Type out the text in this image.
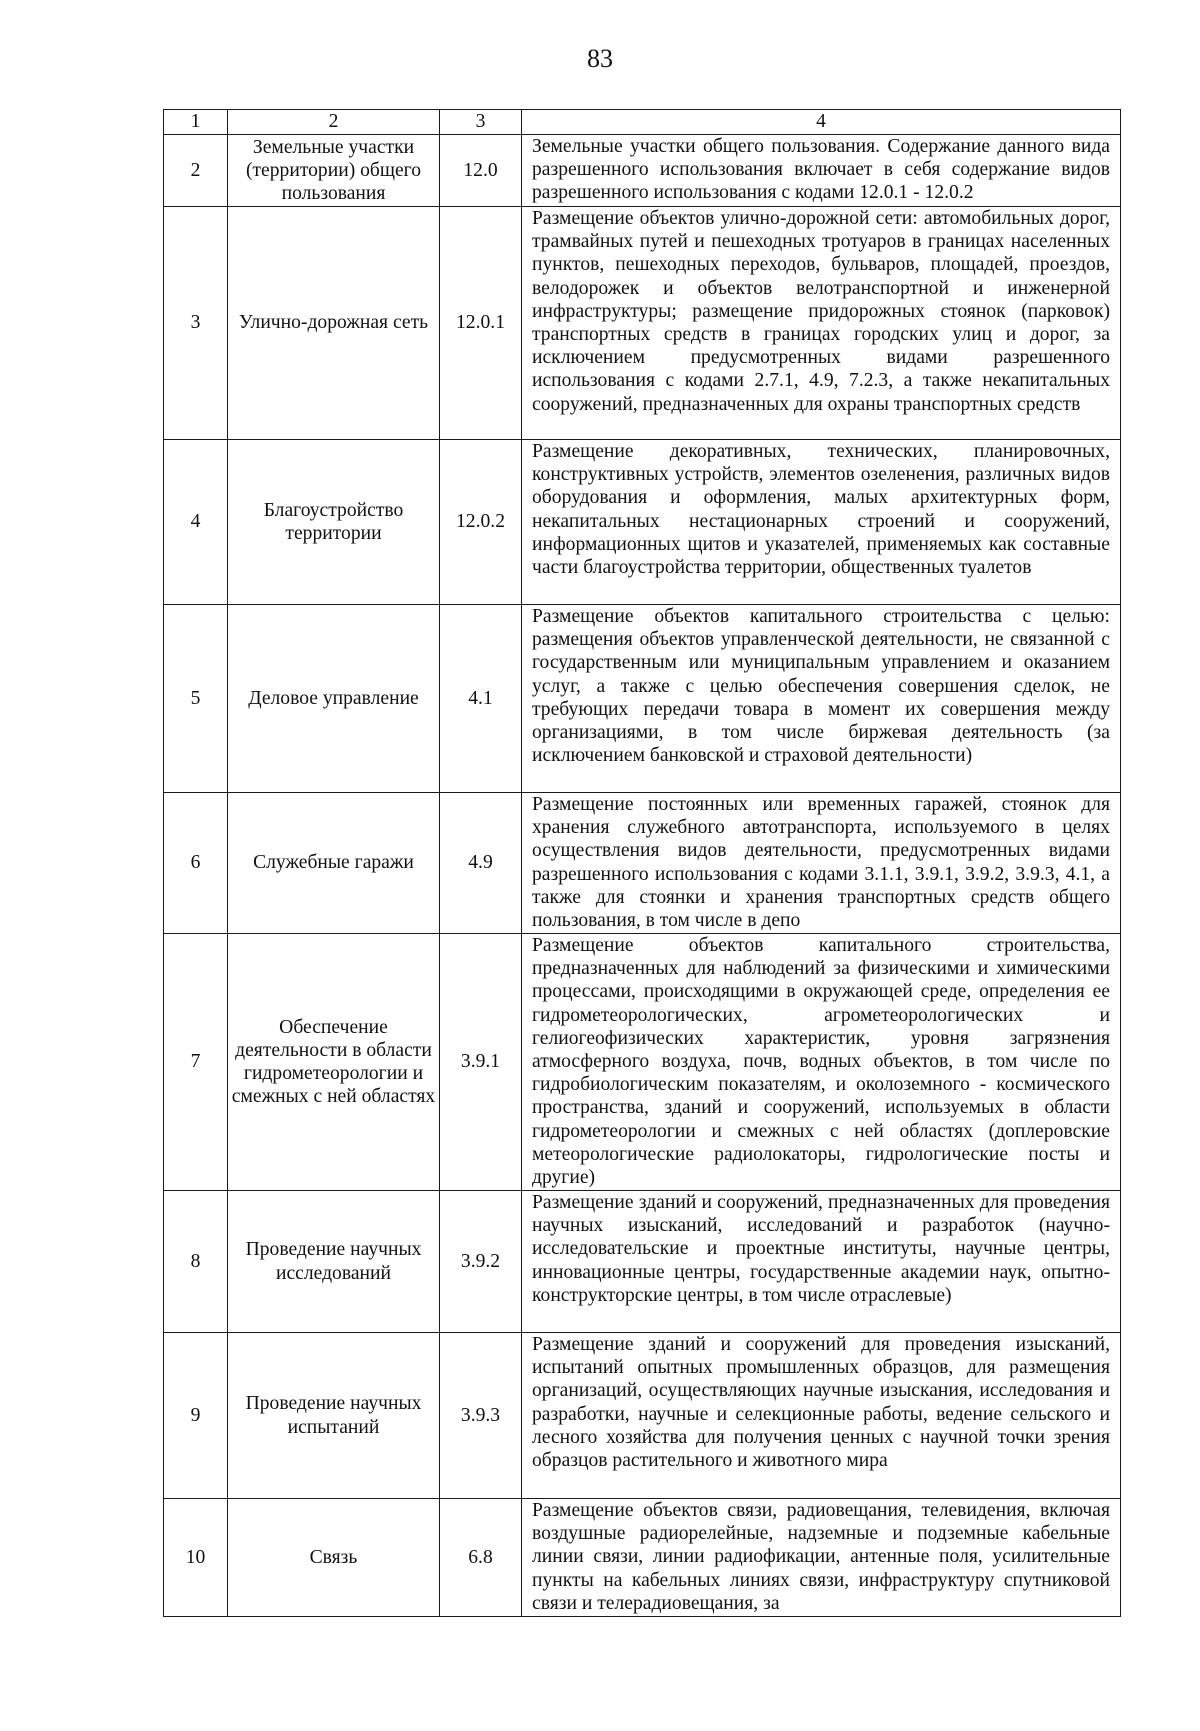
83
1	2	3	4
2	Земельные участки (территории) общего пользования	12.0	Земельные участки общего пользования. Содержание данного вида разрешенного использования включает в себя содержание видов разрешенного использования с кодами 12.0.1 - 12.0.2
3	Улично-дорожная сеть	12.0.1	Размещение объектов улично-дорожной сети: автомобильных дорог, трамвайных путей и пешеходных тротуаров в границах населенных пунктов, пешеходных переходов, бульваров, площадей, проездов, велодорожек и объектов велотранспортной и инженерной инфраструктуры; размещение придорожных стоянок (парковок) транспортных средств в границах городских улиц и дорог, за исключением предусмотренных видами разрешенного использования с кодами 2.7.1, 4.9, 7.2.3, а также некапитальных сооружений, предназначенных для охраны транспортных средств
4	Благоустройство территории	12.0.2	Размещение декоративных, технических, планировочных, конструктивных устройств, элементов озеленения, различных видов оборудования и оформления, малых архитектурных форм, некапитальных нестационарных строений и сооружений, информационных щитов и указателей, применяемых как составные части благоустройства территории, общественных туалетов
5	Деловое управление	4.1	Размещение объектов капитального строительства с целью: размещения объектов управленческой деятельности, не связанной с государственным или муниципальным управлением и оказанием услуг, а также с целью обеспечения совершения сделок, не требующих передачи товара в момент их совершения между организациями, в том числе биржевая деятельность (за исключением банковской и страховой деятельности)
6	Служебные гаражи	4.9	Размещение постоянных или временных гаражей, стоянок для хранения служебного автотранспорта, используемого в целях осуществления видов деятельности, предусмотренных видами разрешенного использования с кодами 3.1.1, 3.9.1, 3.9.2, 3.9.3, 4.1, а также для стоянки и хранения транспортных средств общего пользования, в том числе в депо
7	Обеспечение деятельности в области гидрометеорологии и смежных с ней областях	3.9.1	Размещение объектов капитального строительства, предназначенных для наблюдений за физическими и химическими процессами, происходящими в окружающей среде, определения ее гидрометеорологических, агрометеорологических и гелиогеофизических характеристик, уровня загрязнения атмосферного воздуха, почв, водных объектов, в том числе по гидробиологическим показателям, и околоземного - космического пространства, зданий и сооружений, используемых в области гидрометеорологии и смежных с ней областях (доплеровские метеорологические радиолокаторы, гидрологические посты и другие)
8	Проведение научных исследований	3.9.2	Размещение зданий и сооружений, предназначенных для проведения научных изысканий, исследований и разработок (научно-исследовательские и проектные институты, научные центры, инновационные центры, государственные академии наук, опытно-конструкторские центры, в том числе отраслевые)
9	Проведение научных испытаний	3.9.3	Размещение зданий и сооружений для проведения изысканий, испытаний опытных промышленных образцов, для размещения организаций, осуществляющих научные изыскания, исследования и разработки, научные и селекционные работы, ведение сельского и лесного хозяйства для получения ценных с научной точки зрения образцов растительного и животного мира
10	Связь	6.8	Размещение объектов связи, радиовещания, телевидения, включая воздушные радиорелейные, надземные и подземные кабельные линии связи, линии радиофикации, антенные поля, усилительные пункты на кабельных линиях связи, инфраструктуру спутниковой связи и телерадиовещания, за
